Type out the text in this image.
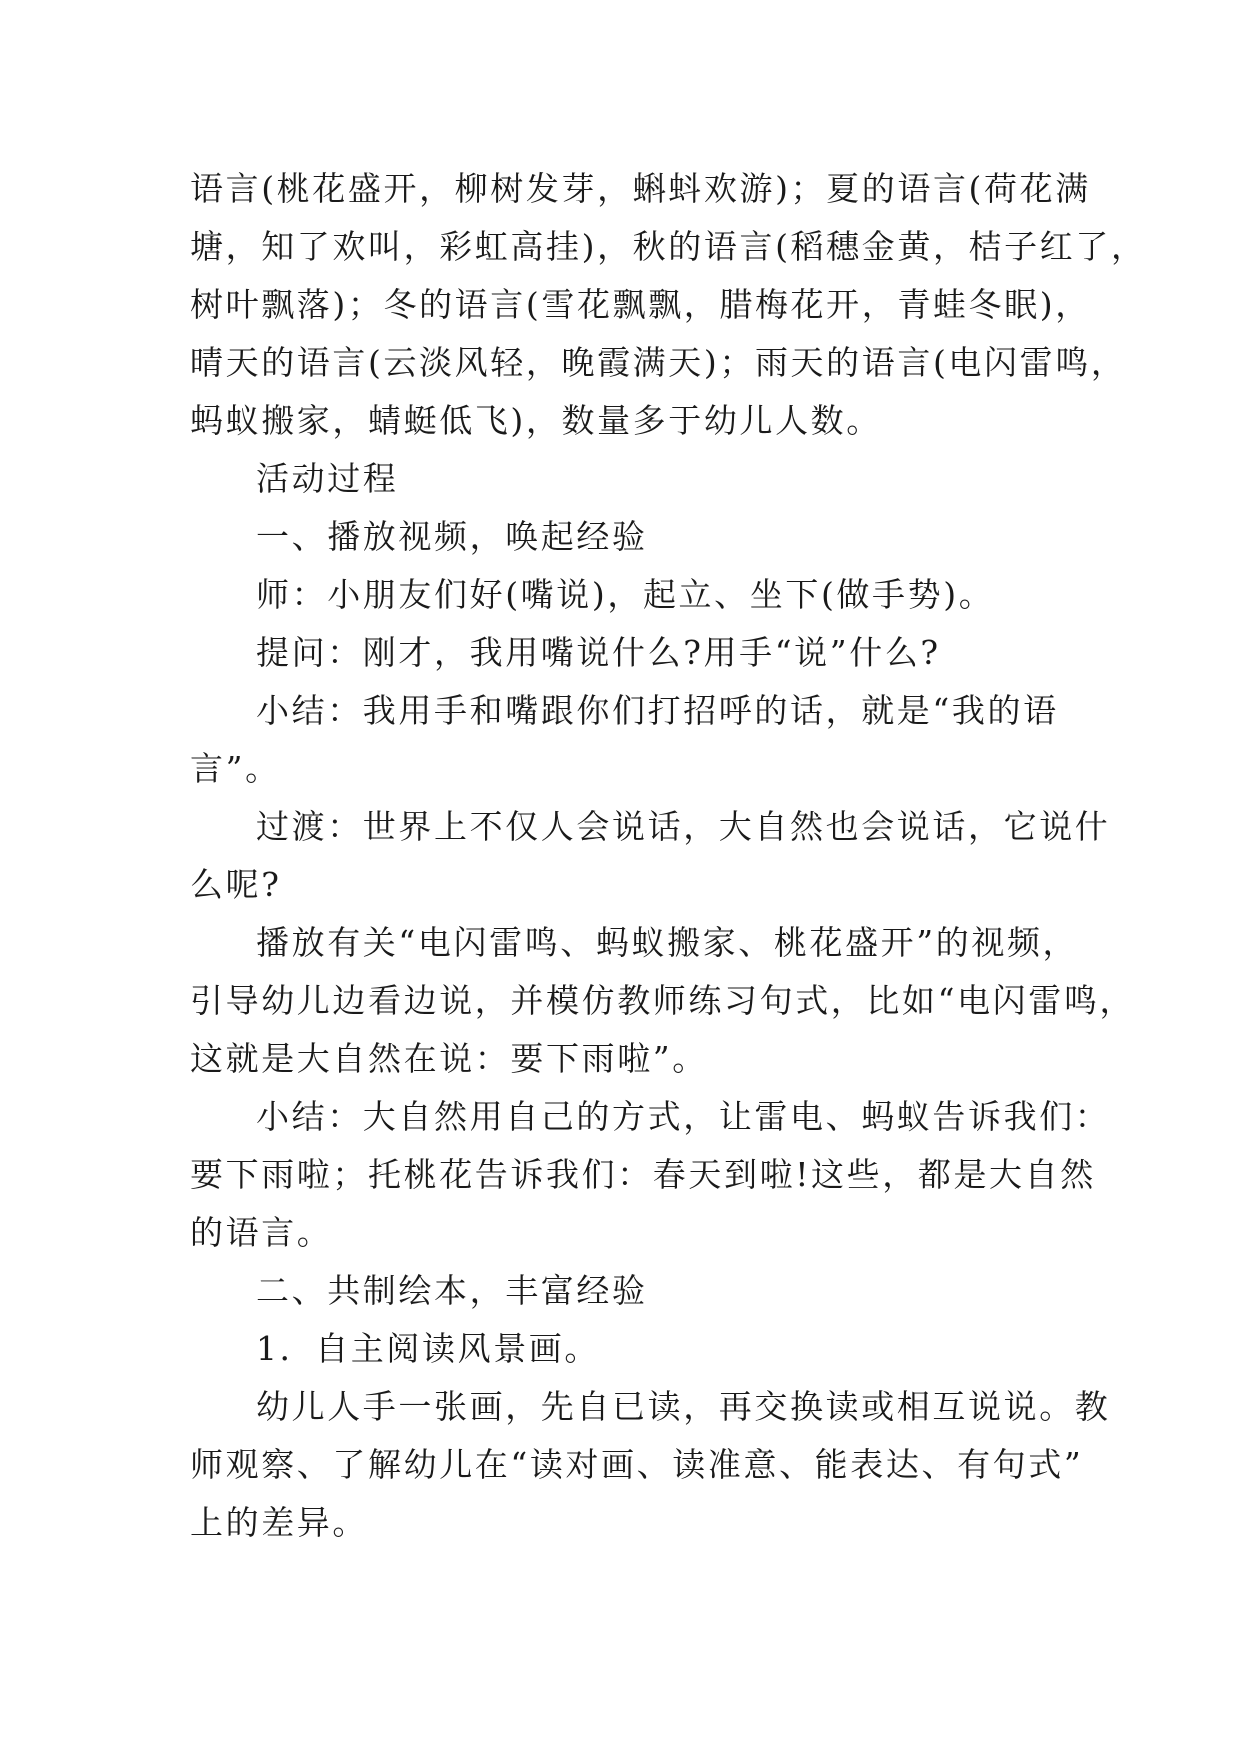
语言(桃花盛开，柳树发芽，蝌蚪欢游)；夏的语言(荷花满
塘，知了欢叫，彩虹高挂)，秋的语言(稻穗金黄，桔子红了，
树叶飘落)；冬的语言(雪花飘飘，腊梅花开，青蛙冬眠)，
晴天的语言(云淡风轻，晚霞满天)；雨天的语言(电闪雷鸣，
蚂蚁搬家，蜻蜓低飞)，数量多于幼儿人数。
活动过程
一、播放视频，唤起经验
师：小朋友们好(嘴说)，起立、坐下(做手势)。
提问：刚才，我用嘴说什么?用手“说”什么?
小结：我用手和嘴跟你们打招呼的话，就是“我的语
言”。
过渡：世界上不仅人会说话，大自然也会说话，它说什
么呢?
播放有关“电闪雷鸣、蚂蚁搬家、桃花盛开”的视频，
引导幼儿边看边说，并模仿教师练习句式，比如“电闪雷鸣，
这就是大自然在说：要下雨啦”。
小结：大自然用自己的方式，让雷电、蚂蚁告诉我们：
要下雨啦；托桃花告诉我们：春天到啦!这些，都是大自然
的语言。
二、共制绘本，丰富经验
1．自主阅读风景画。
幼儿人手一张画，先自已读，再交换读或相互说说。教
师观察、了解幼儿在“读对画、读准意、能表达、有句式”
上的差异。
